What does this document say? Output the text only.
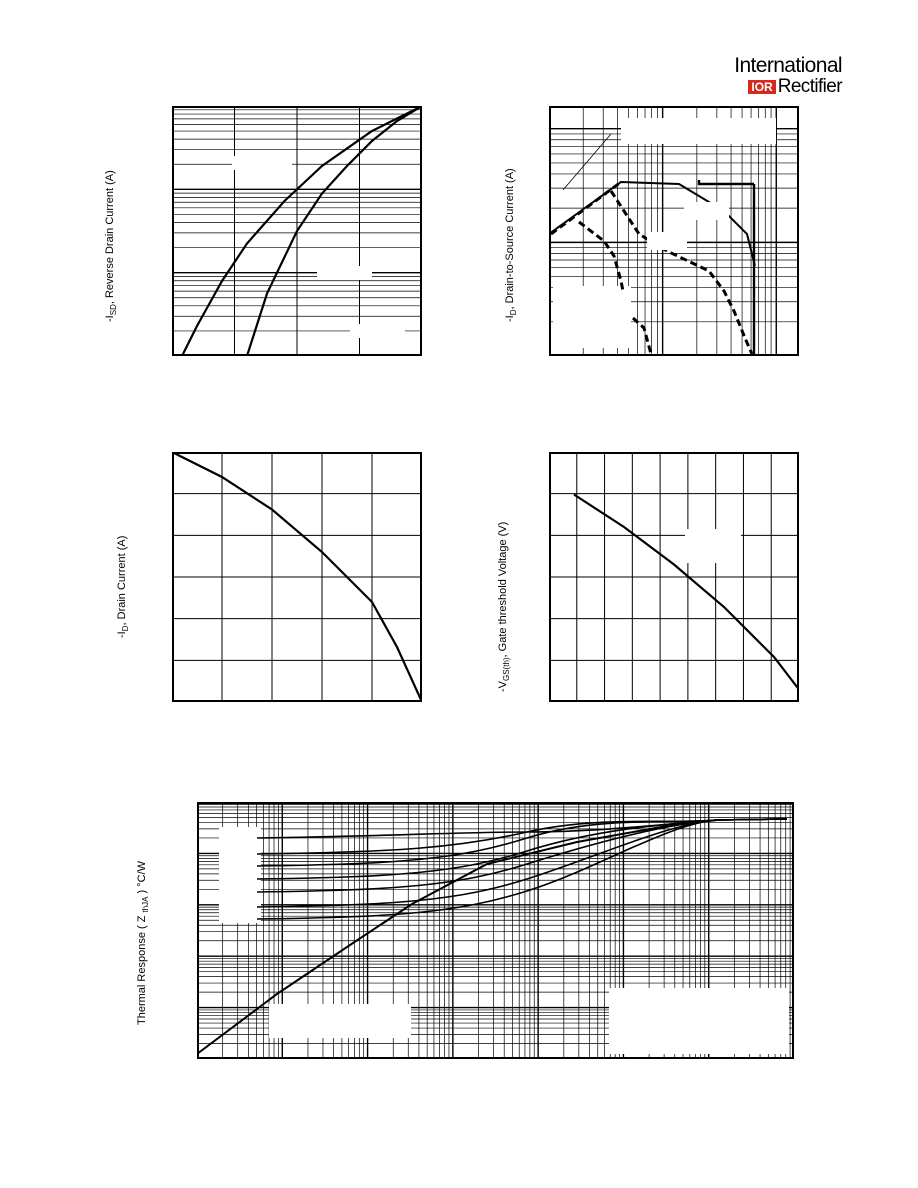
International
IOR Rectifier
$-I_{SD}$, Reverse Drain Current (A)
$-I_D$, Drain-to-Source Current (A)
$-I_D$, Drain Current (A)
$-V_{GS(th)}$, Gate threshold Voltage (V)
Thermal Response ( Z $_{thJA}$ ) °C/W
